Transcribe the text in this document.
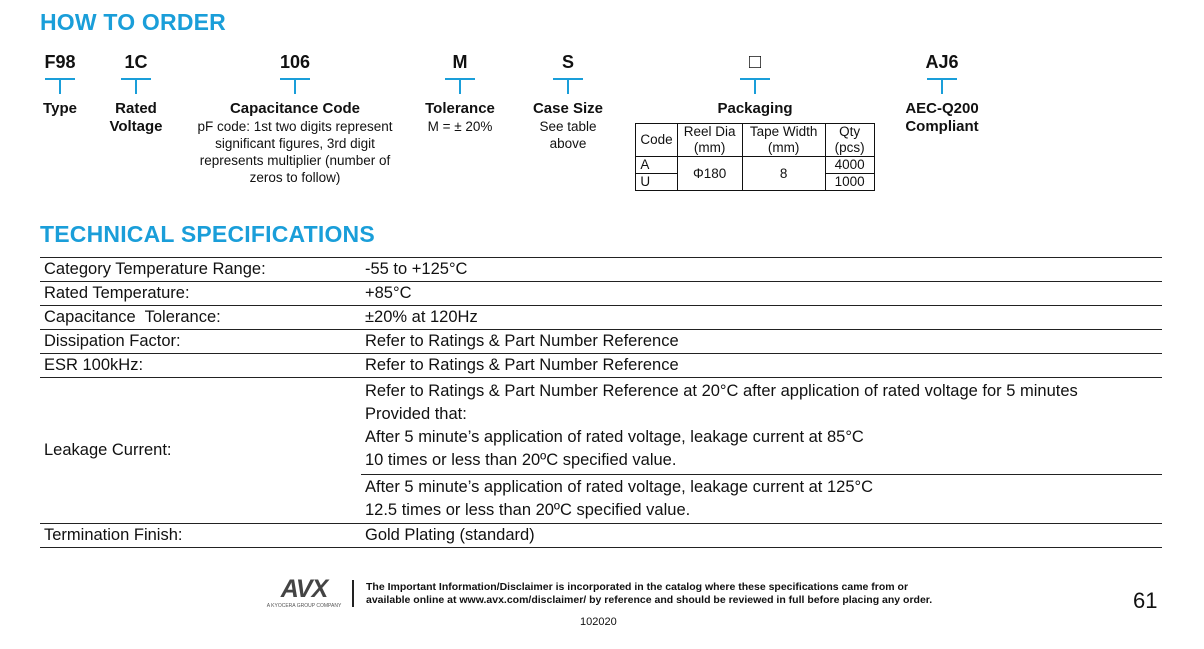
HOW TO ORDER
F98
Type
1C
Rated Voltage
106
Capacitance Code
pF code: 1st two digits represent significant figures, 3rd digit represents multiplier (number of zeros to follow)
M
Tolerance
M = ± 20%
S
Case Size
See table above
□
Packaging
Code	Reel Dia (mm)	Tape Width (mm)	Qty (pcs)
A	Φ180	8	4000
U			1000
AJ6
AEC-Q200 Compliant
TECHNICAL SPECIFICATIONS
Category Temperature Range:	-55 to +125°C
Rated Temperature:	+85°C
Capacitance  Tolerance:	±20% at 120Hz
Dissipation Factor:	Refer to Ratings & Part Number Reference
ESR 100kHz:	Refer to Ratings & Part Number Reference
Leakage Current:	Refer to Ratings & Part Number Reference at 20°C after application of rated voltage for 5 minutes
Provided that:
After 5 minute’s application of rated voltage, leakage current at 85°C
10 times or less than 20ºC specified value.

	After 5 minute’s application of rated voltage, leakage current at 125°C
12.5 times or less than 20ºC specified value.

Termination Finish:	Gold Plating (standard)
AVX
A KYOCERA GROUP COMPANY
The Important Information/Disclaimer is incorporated in the catalog where these specifications came from or
available online at www.avx.com/disclaimer/ by reference and should be reviewed in full before placing any order.	61
102020
